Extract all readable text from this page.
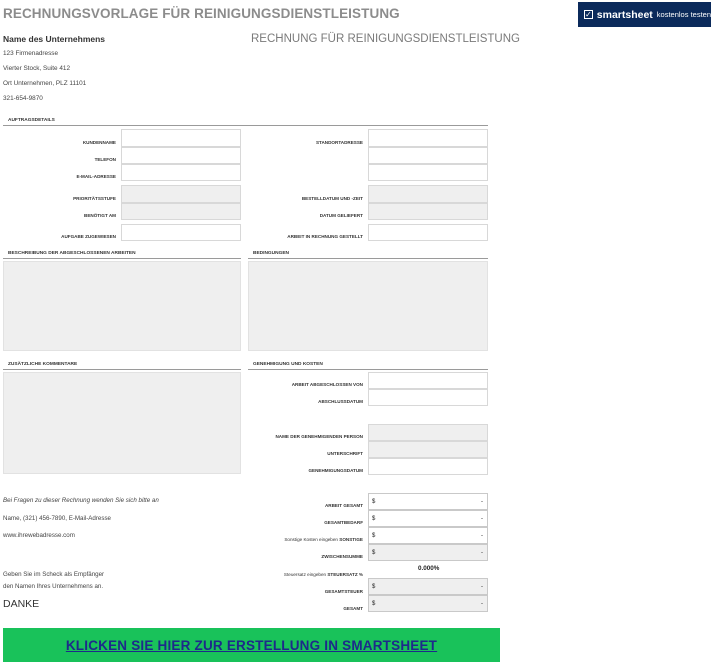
RECHNUNGSVORLAGE FÜR REINIGUNGSDIENSTLEISTUNG	✓ smartsheet kostenlos testen
Name des Unternehmens
123 Firmenadresse
Vierter Stock, Suite 412
Ort Unternehmen, PLZ 11101
321-654-9870
RECHNUNG FÜR REINIGUNGSDIENSTLEISTUNG
AUFTRAGSDETAILS
KUNDENNAME
TELEFON
E-MAIL-ADRESSE
PRIORITÄTSSTUFE
BENÖTIGT AM
AUFGABE ZUGEWIESEN
STANDORTADRESSE
BESTELLDATUM UND -ZEIT
DATUM GELIEFERT
ARBEIT IN RECHNUNG GESTELLT
BESCHREIBUNG DER ABGESCHLOSSENEN ARBEITEN	BEDINGUNGEN
ZUSÄTZLICHE KOMMENTARE	GENEHMIGUNG UND KOSTEN
ARBEIT ABGESCHLOSSEN VON
ABSCHLUSSDATUM
NAME DER GENEHMIGENDEN PERSON
UNTERSCHRIFT
GENEHMIGUNGSDATUM
Bei Fragen zu dieser Rechnung wenden Sie sich bitte an
Name, (321) 456-7890, E-Mail-Adresse
www.ihrewebadresse.com
Geben Sie im Scheck als Empfänger
den Namen Ihres Unternehmens an.
DANKE
ARBEIT GESAMT
$	-
GESAMTBEDARF
$	-
Sonstige Kosten eingeben SONSTIGE
$	-
ZWISCHENSUMME
$	-
Steuersatz eingeben STEUERSATZ %
0.000%
GESAMTSTEUER
$	-
GESAMT
$	-
KLICKEN SIE HIER ZUR ERSTELLUNG IN SMARTSHEET
